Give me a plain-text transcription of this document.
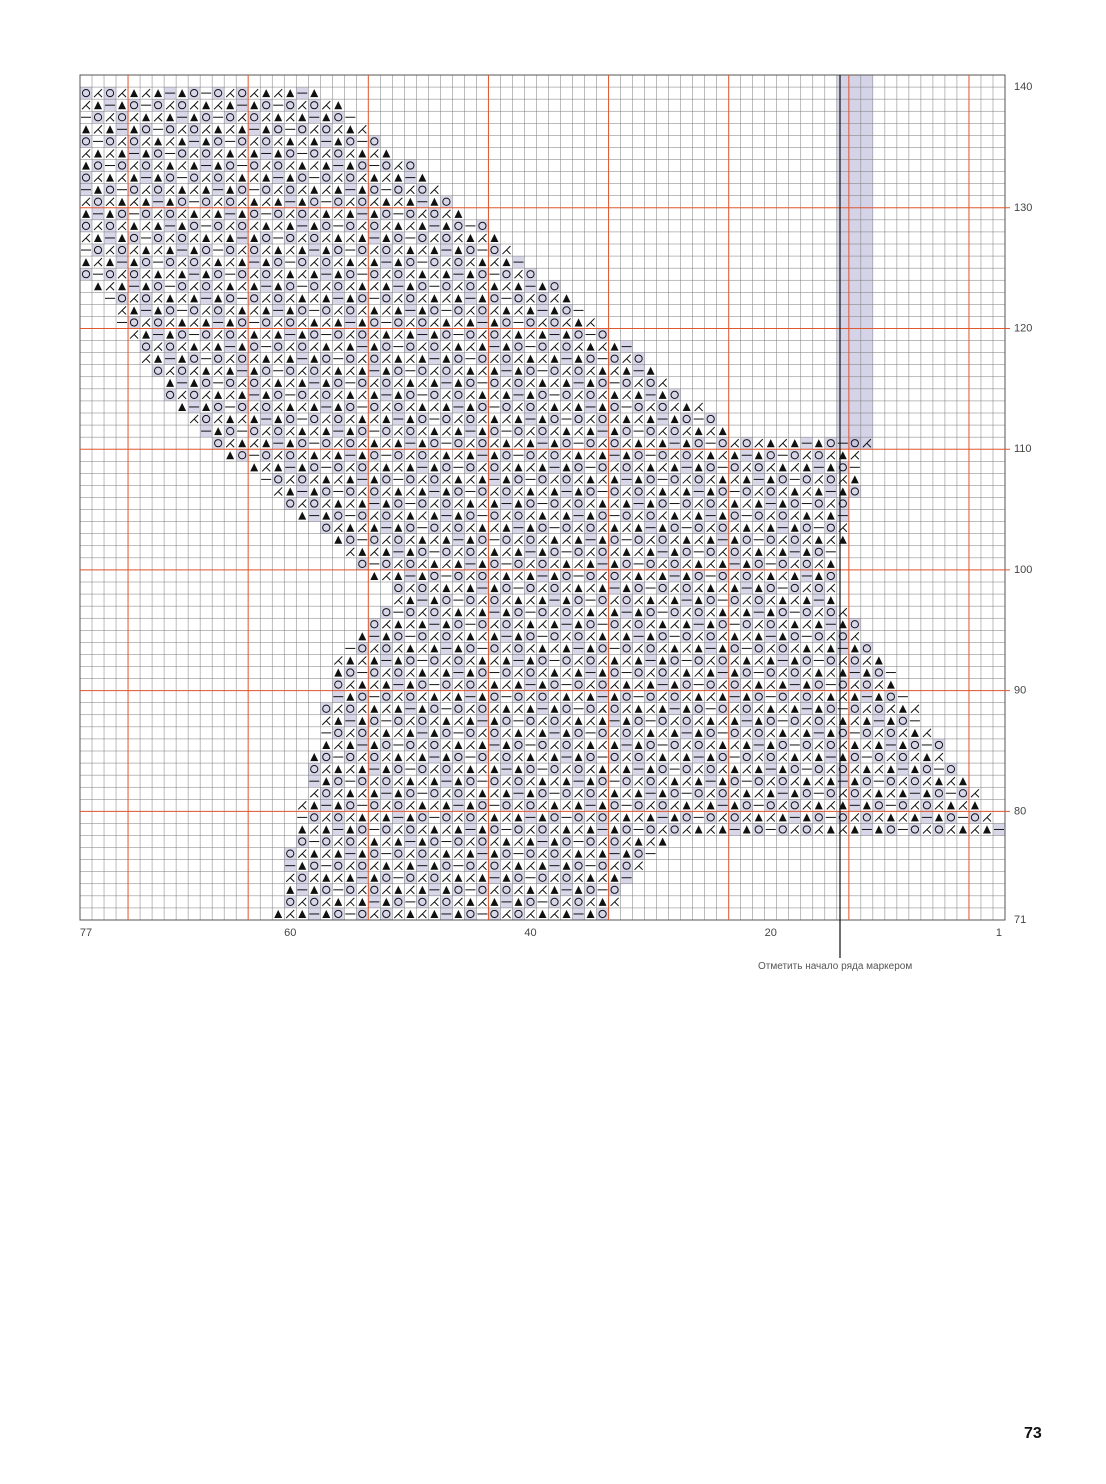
140
130
120
110
100
90
80
71
77	60	40	20	1
Отметить начало ряда маркером
73
